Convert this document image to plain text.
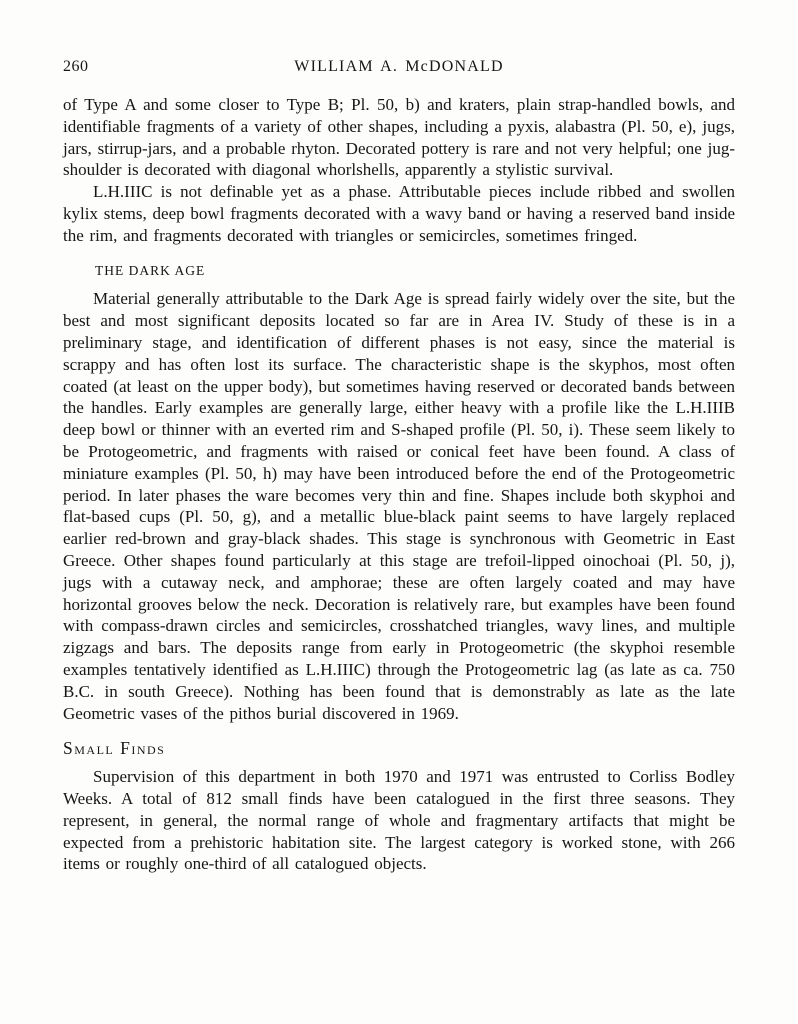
260	WILLIAM A. McDONALD

of Type A and some closer to Type B; Pl. 50, b) and kraters, plain strap-handled bowls, and identifiable fragments of a variety of other shapes, including a pyxis, alabastra (Pl. 50, e), jugs, jars, stirrup-jars, and a probable rhyton. Decorated pottery is rare and not very helpful; one jug-shoulder is decorated with diagonal whorlshells, apparently a stylistic survival.

L.H.IIIC is not definable yet as a phase. Attributable pieces include ribbed and swollen kylix stems, deep bowl fragments decorated with a wavy band or having a reserved band inside the rim, and fragments decorated with triangles or semicircles, sometimes fringed.

THE DARK AGE

Material generally attributable to the Dark Age is spread fairly widely over the site, but the best and most significant deposits located so far are in Area IV. Study of these is in a preliminary stage, and identification of different phases is not easy, since the material is scrappy and has often lost its surface. The characteristic shape is the skyphos, most often coated (at least on the upper body), but sometimes having reserved or decorated bands between the handles. Early examples are generally large, either heavy with a profile like the L.H.IIIB deep bowl or thinner with an everted rim and S-shaped profile (Pl. 50, i). These seem likely to be Protogeometric, and fragments with raised or conical feet have been found. A class of miniature examples (Pl. 50, h) may have been introduced before the end of the Protogeometric period. In later phases the ware becomes very thin and fine. Shapes include both skyphoi and flat-based cups (Pl. 50, g), and a metallic blue-black paint seems to have largely replaced earlier red-brown and gray-black shades. This stage is synchronous with Geometric in East Greece. Other shapes found particularly at this stage are trefoil-lipped oinochoai (Pl. 50, j), jugs with a cutaway neck, and amphorae; these are often largely coated and may have horizontal grooves below the neck. Decoration is relatively rare, but examples have been found with compass-drawn circles and semicircles, crosshatched triangles, wavy lines, and multiple zigzags and bars. The deposits range from early in Protogeometric (the skyphoi resemble examples tentatively identified as L.H.IIIC) through the Protogeometric lag (as late as ca. 750 B.C. in south Greece). Nothing has been found that is demonstrably as late as the late Geometric vases of the pithos burial discovered in 1969.

Small Finds

Supervision of this department in both 1970 and 1971 was entrusted to Corliss Bodley Weeks. A total of 812 small finds have been catalogued in the first three seasons. They represent, in general, the normal range of whole and fragmentary artifacts that might be expected from a prehistoric habitation site. The largest category is worked stone, with 266 items or roughly one-third of all catalogued objects.
